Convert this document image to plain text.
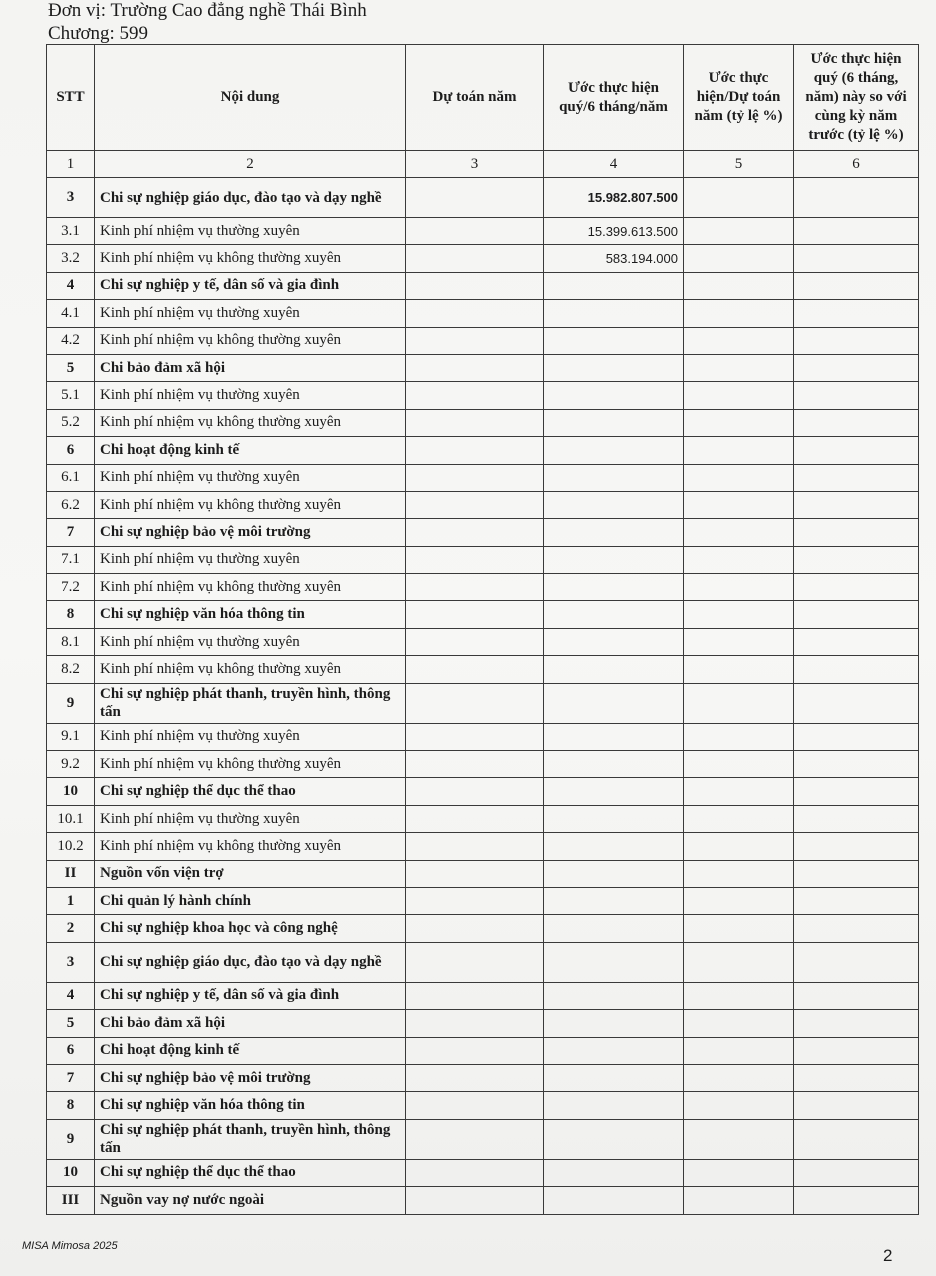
Đơn vị: Trường Cao đẳng nghề Thái Bình
Chương: 599
STT	Nội dung	Dự toán năm	Ước thực hiện quý/6 tháng/năm	Ước thực hiện/Dự toán năm (tỷ lệ %)	Ước thực hiện quý (6 tháng, năm) này so với cùng kỳ năm trước (tỷ lệ %)
1	2	3	4	5	6
3	Chi sự nghiệp giáo dục, đào tạo và dạy nghề		15.982.807.500		
3.1	Kinh phí nhiệm vụ thường xuyên		15.399.613.500		
3.2	Kinh phí nhiệm vụ không thường xuyên		583.194.000		
4	Chi sự nghiệp y tế, dân số và gia đình				
4.1	Kinh phí nhiệm vụ thường xuyên				
4.2	Kinh phí nhiệm vụ không thường xuyên				
5	Chi bảo đảm xã hội				
5.1	Kinh phí nhiệm vụ thường xuyên				
5.2	Kinh phí nhiệm vụ không thường xuyên				
6	Chi hoạt động kinh tế				
6.1	Kinh phí nhiệm vụ thường xuyên				
6.2	Kinh phí nhiệm vụ không thường xuyên				
7	Chi sự nghiệp bảo vệ môi trường				
7.1	Kinh phí nhiệm vụ thường xuyên				
7.2	Kinh phí nhiệm vụ không thường xuyên				
8	Chi sự nghiệp văn hóa thông tin				
8.1	Kinh phí nhiệm vụ thường xuyên				
8.2	Kinh phí nhiệm vụ không thường xuyên				
9	Chi sự nghiệp phát thanh, truyền hình, thông tấn				
9.1	Kinh phí nhiệm vụ thường xuyên				
9.2	Kinh phí nhiệm vụ không thường xuyên				
10	Chi sự nghiệp thể dục thể thao				
10.1	Kinh phí nhiệm vụ thường xuyên				
10.2	Kinh phí nhiệm vụ không thường xuyên				
II	Nguồn vốn viện trợ				
1	Chi quản lý hành chính				
2	Chi sự nghiệp khoa học và công nghệ				
3	Chi sự nghiệp giáo dục, đào tạo và dạy nghề				
4	Chi sự nghiệp y tế, dân số và gia đình				
5	Chi bảo đảm xã hội				
6	Chi hoạt động kinh tế				
7	Chi sự nghiệp bảo vệ môi trường				
8	Chi sự nghiệp văn hóa thông tin				
9	Chi sự nghiệp phát thanh, truyền hình, thông tấn				
10	Chi sự nghiệp thể dục thể thao				
III	Nguồn vay nợ nước ngoài				
MISA Mimosa 2025	2
